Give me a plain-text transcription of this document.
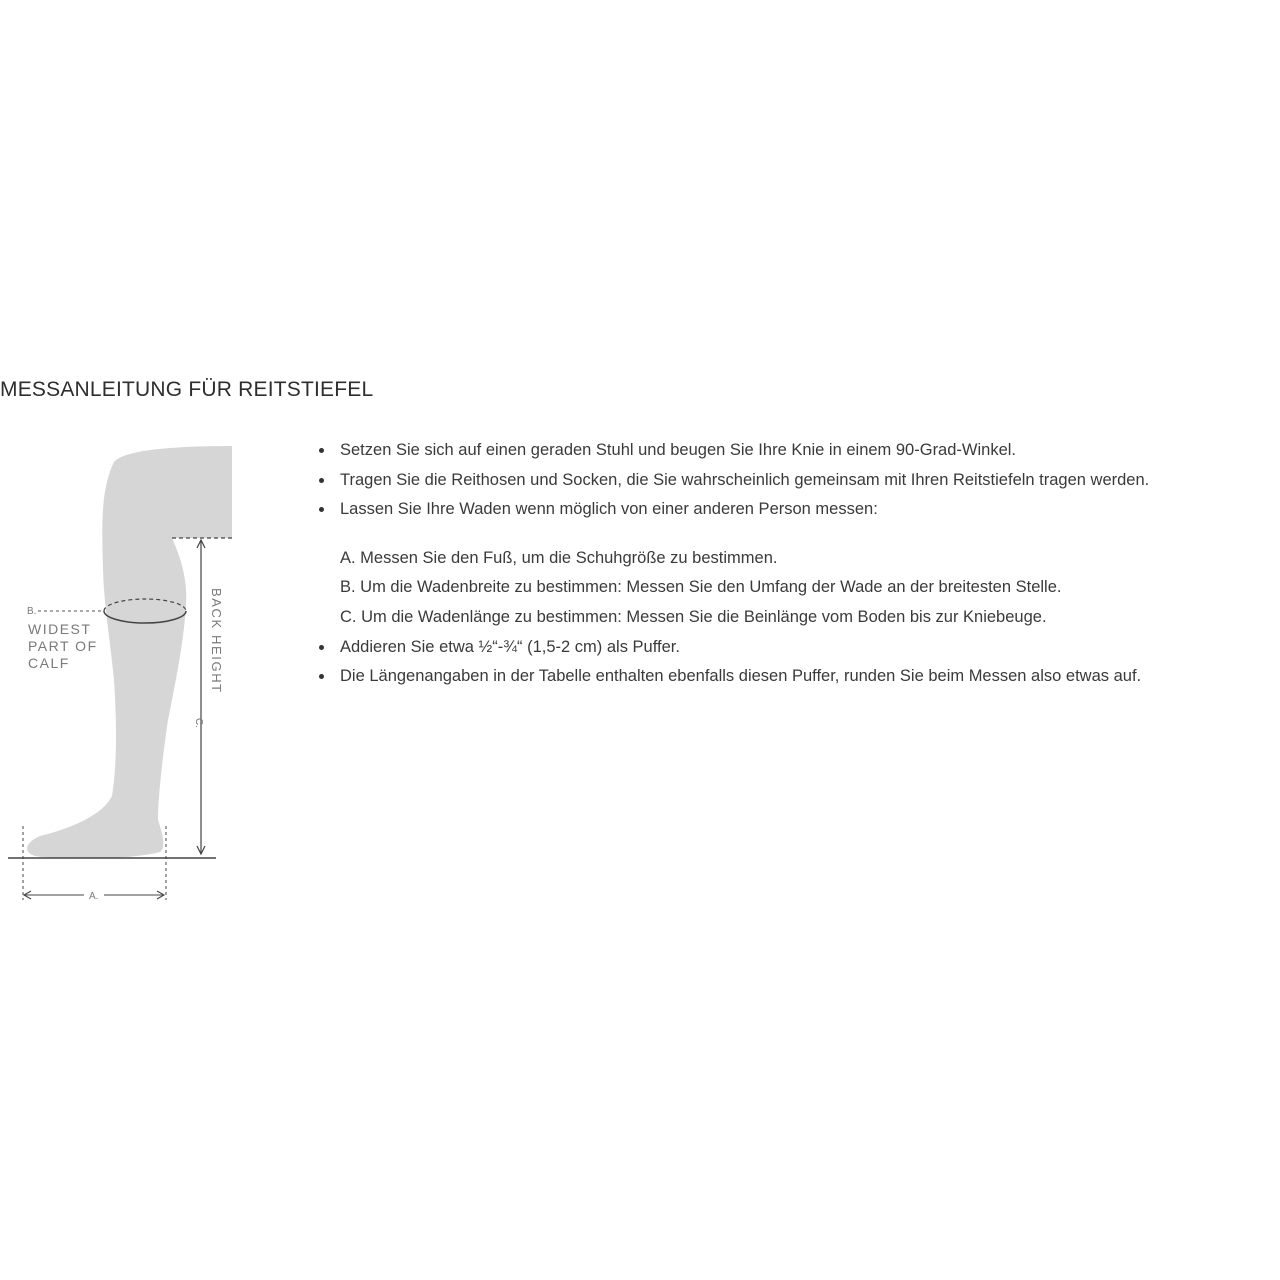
MESSANLEITUNG FÜR REITSTIEFEL
B.
WIDEST
PART OF
CALF	BACK HEIGHT
C.
A.
Setzen Sie sich auf einen geraden Stuhl und beugen Sie Ihre Knie in einem 90-Grad-Winkel.
Tragen Sie die Reithosen und Socken, die Sie wahrscheinlich gemeinsam mit Ihren Reitstiefeln tragen werden.
Lassen Sie Ihre Waden wenn möglich von einer anderen Person messen:
A. Messen Sie den Fuß, um die Schuhgröße zu bestimmen.
B. Um die Wadenbreite zu bestimmen: Messen Sie den Umfang der Wade an der breitesten Stelle.
C. Um die Wadenlänge zu bestimmen: Messen Sie die Beinlänge vom Boden bis zur Kniebeuge.
Addieren Sie etwa ½“-¾“ (1,5-2 cm) als Puffer.
Die Längenangaben in der Tabelle enthalten ebenfalls diesen Puffer, runden Sie beim Messen also etwas auf.
